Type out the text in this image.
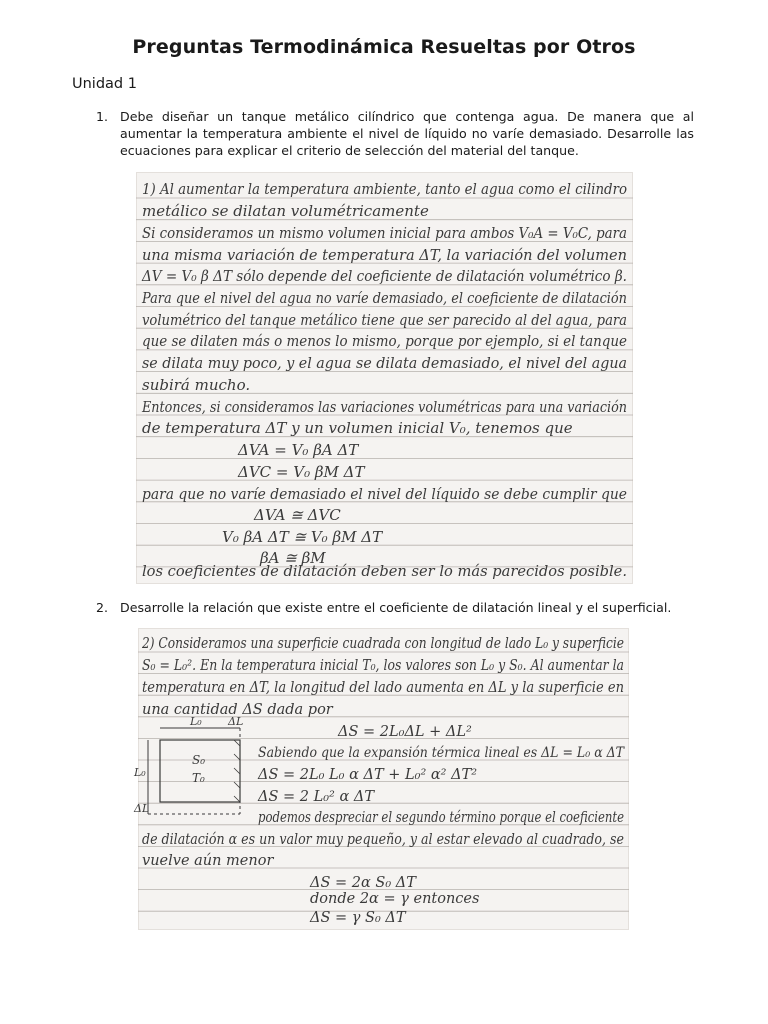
Preguntas Termodinámica Resueltas por Otros
Unidad 1
1. Debe diseñar un tanque metálico cilíndrico que contenga agua. De manera que al aumentar la temperatura ambiente el nivel de líquido no varíe demasiado. Desarrolle las ecuaciones para explicar el criterio de selección del material del tanque.
1) Al aumentar la temperatura ambiente, tanto el agua como el cilindro
metálico se dilatan volumétricamente
Si consideramos un mismo volumen inicial para ambos V₀A = V₀C, para
una misma variación de temperatura ΔT, la variación del volumen
ΔV = V₀ β ΔT sólo depende del coeficiente de dilatación volumétrico β.
Para que el nivel del agua no varíe demasiado, el coeficiente de dilatación
volumétrico del tanque metálico tiene que ser parecido al del agua, para
que se dilaten más o menos lo mismo, porque por ejemplo, si el tanque
se dilata muy poco, y el agua se dilata demasiado, el nivel del agua
subirá mucho.
Entonces, si consideramos las variaciones volumétricas para una variación
de temperatura ΔT y un volumen inicial V₀, tenemos que
ΔVA = V₀ βA ΔT
ΔVC = V₀ βM ΔT
para que no varíe demasiado el nivel del líquido se debe cumplir que
ΔVA ≅ ΔVC
V₀ βA ΔT ≅ V₀ βM ΔT
βA ≅ βM
los coeficientes de dilatación deben ser lo más parecidos posible.
2. Desarrolle la relación que existe entre el coeficiente de dilatación lineal y el superficial.
2) Consideramos una superficie cuadrada con longitud de lado L₀ y superficie
S₀ = L₀². En la temperatura inicial T₀, los valores son L₀ y S₀. Al aumentar la
temperatura en ΔT, la longitud del lado aumenta en ΔL y la superficie en
una cantidad ΔS dada por
ΔS = 2L₀ΔL + ΔL²
Sabiendo que la expansión térmica lineal es ΔL = L₀ α ΔT
ΔS = 2L₀ L₀ α ΔT + L₀² α² ΔT²
ΔS = 2 L₀² α ΔT
podemos despreciar el segundo término porque el coeficiente
de dilatación α es un valor muy pequeño, y al estar elevado al cuadrado, se
vuelve aún menor
ΔS = 2α S₀ ΔT
donde 2α = γ entonces
ΔS = γ S₀ ΔT
L₀ ΔL
L₀
ΔL
S₀
T₀
